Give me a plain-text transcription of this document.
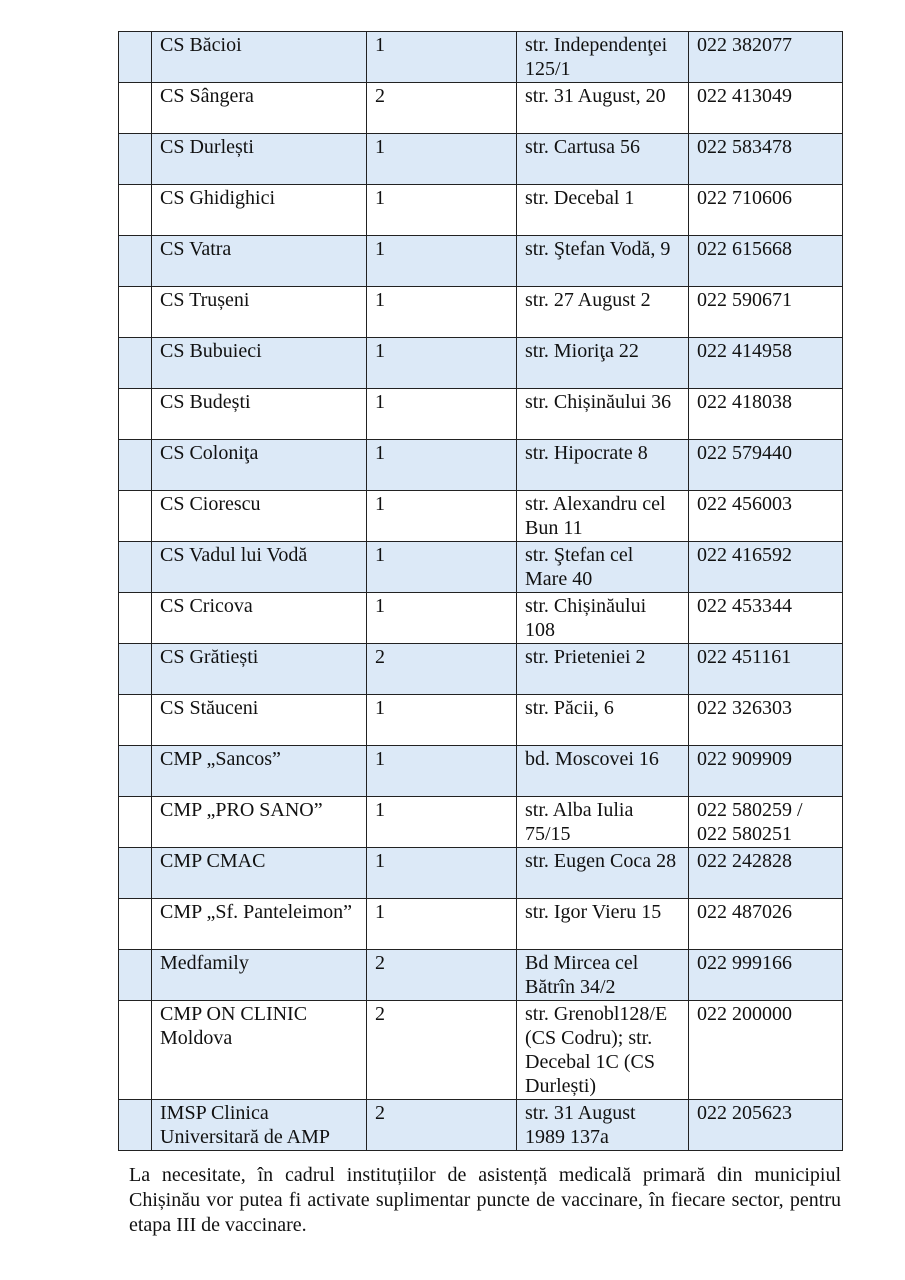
	CS Băcioi	1	str. Independenţei 125/1	022 382077
	CS Sângera	2	str. 31 August, 20	022 413049
	CS Durlești	1	str. Cartusa 56	022 583478
	CS Ghidighici	1	str. Decebal 1	022 710606
	CS Vatra	1	str. Ştefan Vodă, 9	022 615668
	CS Trușeni	1	str. 27 August 2	022 590671
	CS Bubuieci	1	str. Mioriţa 22	022 414958
	CS Budești	1	str. Chișinăului 36	022 418038
	CS Coloniţa	1	str. Hipocrate 8	022 579440
	CS Ciorescu	1	str. Alexandru cel Bun 11	022 456003
	CS Vadul lui Vodă	1	str. Ştefan cel Mare 40	022 416592
	CS Cricova	1	str. Chișinăului 108	022 453344
	CS Grătiești	2	str. Prieteniei 2	022 451161
	CS Stăuceni	1	str. Păcii, 6	022 326303
	CMP „Sancos”	1	bd. Moscovei 16	022 909909
	CMP „PRO SANO”	1	str. Alba Iulia 75/15	022 580259 / 022 580251
	CMP CMAC	1	str. Eugen Coca 28	022 242828
	CMP „Sf. Panteleimon”	1	str. Igor Vieru 15	022 487026
	Medfamily	2	Bd Mircea cel Bătrîn 34/2	022 999166
	CMP ON CLINIC Moldova	2	str. Grenobl128/E (CS Codru); str. Decebal 1C (CS Durlești)	022 200000
	IMSP Clinica Universitară de AMP	2	str. 31 August 1989 137a	022 205623

La necesitate, în cadrul instituțiilor de asistență medicală primară din municipiul Chișinău vor putea fi activate suplimentar puncte de vaccinare, în fiecare sector, pentru etapa III de vaccinare.
